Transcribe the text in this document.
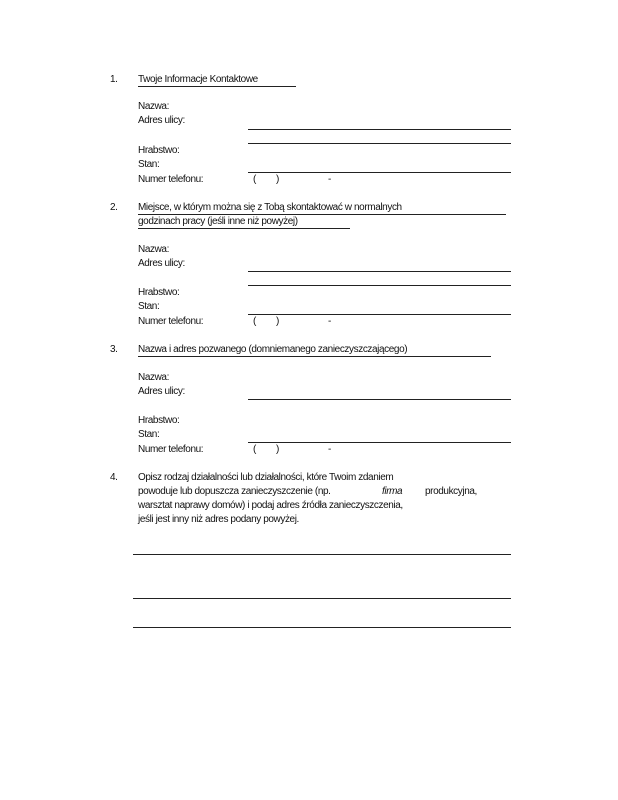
1. Twoje Informacje Kontaktowe
Nazwa:
Adres ulicy:
Hrabstwo:
Stan:
Numer telefonu:	( )	-
2. Miejsce, w którym można się z Tobą skontaktować w normalnych
godzinach pracy (jeśli inne niż powyżej)
Nazwa:
Adres ulicy:
Hrabstwo:
Stan:
Numer telefonu:	( )	-
3. Nazwa i adres pozwanego (domniemanego zanieczyszczającego)
Nazwa:
Adres ulicy:
Hrabstwo:
Stan:
Numer telefonu:	( )	-
4. Opisz rodzaj działalności lub działalności, które Twoim zdaniem
powoduje lub dopuszcza zanieczyszczenie (np.	firma produkcyjna,
warsztat naprawy domów) i podaj adres źródła zanieczyszczenia,
jeśli jest inny niż adres podany powyżej.
